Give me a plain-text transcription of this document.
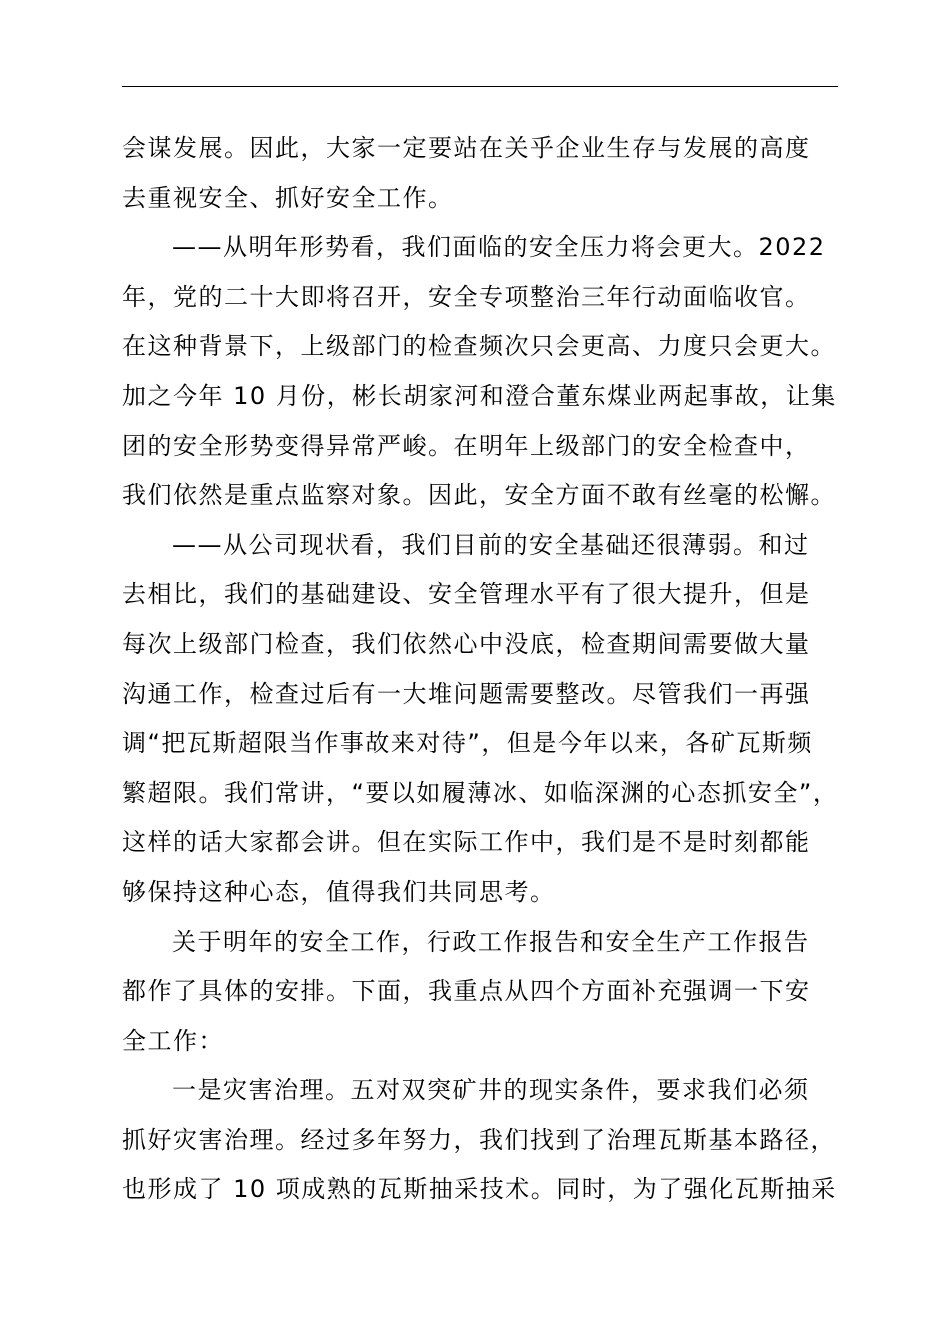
会谋发展。因此，大家一定要站在关乎企业生存与发展的高度
去重视安全、抓好安全工作。
——从明年形势看，我们面临的安全压力将会更大。2022
年，党的二十大即将召开，安全专项整治三年行动面临收官。
在这种背景下，上级部门的检查频次只会更高、力度只会更大。
加之今年 10 月份，彬长胡家河和澄合董东煤业两起事故，让集
团的安全形势变得异常严峻。在明年上级部门的安全检查中，
我们依然是重点监察对象。因此，安全方面不敢有丝毫的松懈。
——从公司现状看，我们目前的安全基础还很薄弱。和过
去相比，我们的基础建设、安全管理水平有了很大提升，但是
每次上级部门检查，我们依然心中没底，检查期间需要做大量
沟通工作，检查过后有一大堆问题需要整改。尽管我们一再强
调“把瓦斯超限当作事故来对待”，但是今年以来，各矿瓦斯频
繁超限。我们常讲，“要以如履薄冰、如临深渊的心态抓安全”，
这样的话大家都会讲。但在实际工作中，我们是不是时刻都能
够保持这种心态，值得我们共同思考。
关于明年的安全工作，行政工作报告和安全生产工作报告
都作了具体的安排。下面，我重点从四个方面补充强调一下安
全工作：
一是灾害治理。五对双突矿井的现实条件，要求我们必须
抓好灾害治理。经过多年努力，我们找到了治理瓦斯基本路径，
也形成了 10 项成熟的瓦斯抽采技术。同时，为了强化瓦斯抽采
